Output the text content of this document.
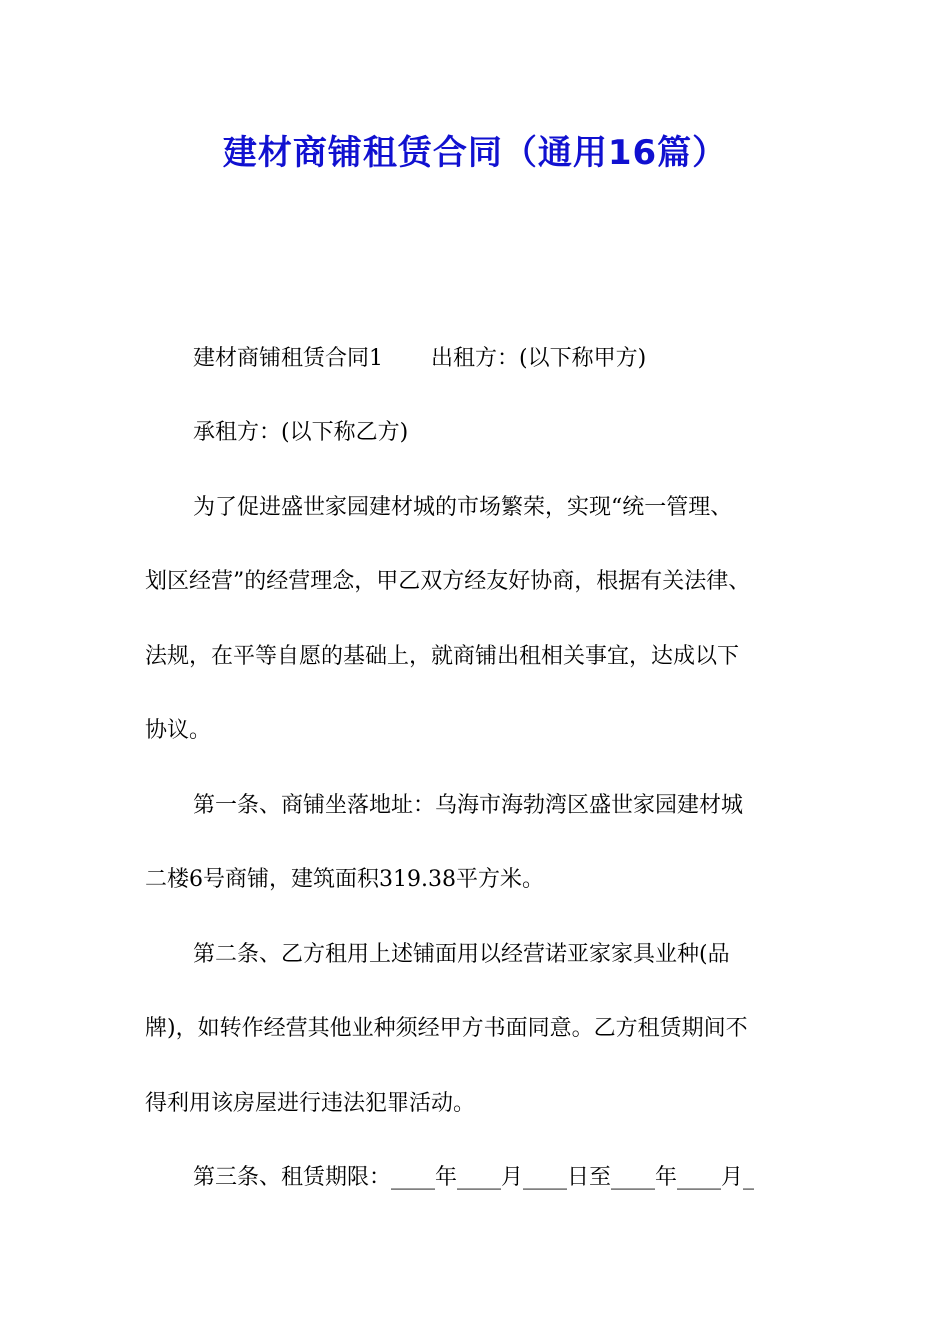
建材商铺租赁合同（通用16篇）

建材商铺租赁合同1 出租方：(以下称甲方)

承租方：(以下称乙方)

为了促进盛世家园建材城的市场繁荣，实现“统一管理、

划区经营”的经营理念，甲乙双方经友好协商，根据有关法律、

法规，在平等自愿的基础上，就商铺出租相关事宜，达成以下

协议。

第一条、商铺坐落地址：乌海市海勃湾区盛世家园建材城

二楼6号商铺，建筑面积319.38平方米。

第二条、乙方租用上述铺面用以经营诺亚家家具业种(品

牌)，如转作经营其他业种须经甲方书面同意。乙方租赁期间不

得利用该房屋进行违法犯罪活动。

第三条、租赁期限：____年____月____日至____年____月_
